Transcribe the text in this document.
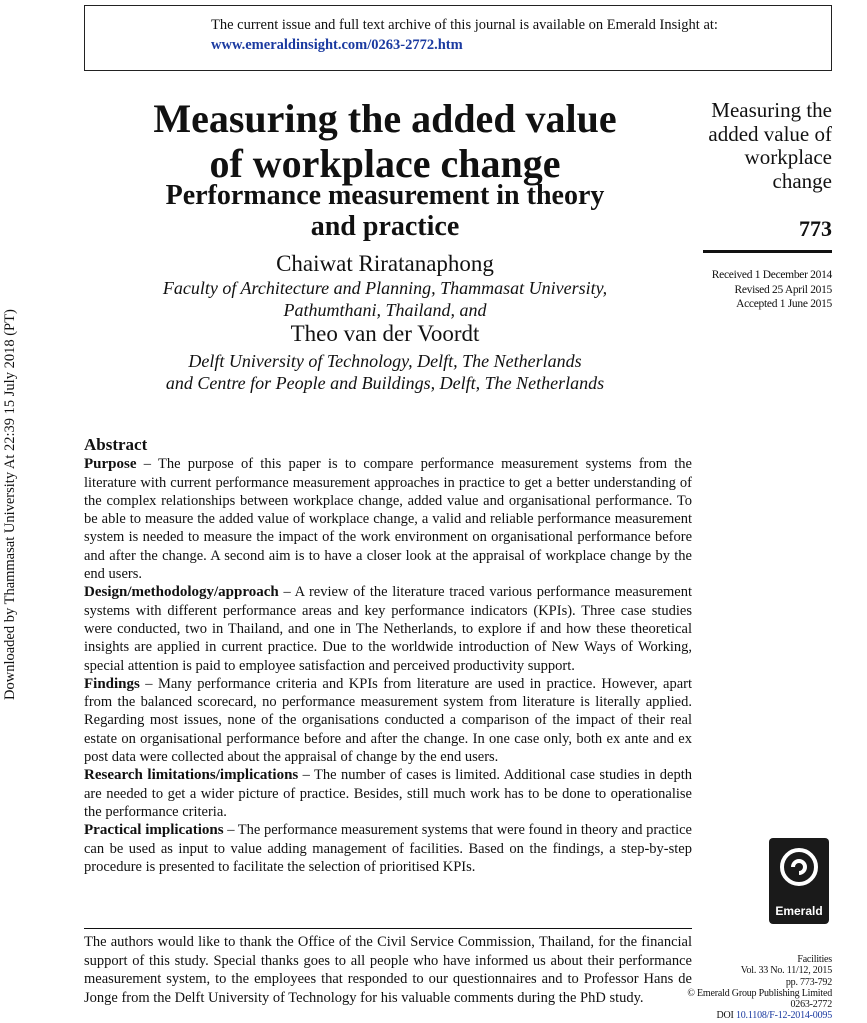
The current issue and full text archive of this journal is available on Emerald Insight at:
www.emeraldinsight.com/0263-2772.htm
Downloaded by Thammasat University At 22:39 15 July 2018 (PT)
Measuring the added value
of workplace change
Performance measurement in theory
and practice
Chaiwat Riratanaphong
Faculty of Architecture and Planning, Thammasat University,
Pathumthani, Thailand, and
Theo van der Voordt
Delft University of Technology, Delft, The Netherlands
and Centre for People and Buildings, Delft, The Netherlands
Measuring the
added value of
workplace
change
773
Received 1 December 2014
Revised 25 April 2015
Accepted 1 June 2015
Abstract

Purpose – The purpose of this paper is to compare performance measurement systems from the literature with current performance measurement approaches in practice to get a better understanding of the complex relationships between workplace change, added value and organisational performance. To be able to measure the added value of workplace change, a valid and reliable performance measurement system is needed to measure the impact of the work environment on organisational performance before and after the change. A second aim is to have a closer look at the appraisal of workplace change by the end users.

Design/methodology/approach – A review of the literature traced various performance measurement systems with different performance areas and key performance indicators (KPIs). Three case studies were conducted, two in Thailand, and one in The Netherlands, to explore if and how these theoretical insights are applied in current practice. Due to the worldwide introduction of New Ways of Working, special attention is paid to employee satisfaction and perceived productivity support.

Findings – Many performance criteria and KPIs from literature are used in practice. However, apart from the balanced scorecard, no performance measurement system from literature is literally applied. Regarding most issues, none of the organisations conducted a comparison of the impact of their real estate on organisational performance before and after the change. In one case only, both ex ante and ex post data were collected about the appraisal of change by the end users.

Research limitations/implications – The number of cases is limited. Additional case studies in depth are needed to get a wider picture of practice. Besides, still much work has to be done to operationalise the performance criteria.

Practical implications – The performance measurement systems that were found in theory and practice can be used as input to value adding management of facilities. Based on the findings, a step-by-step procedure is presented to facilitate the selection of prioritised KPIs.

Emerald
The authors would like to thank the Office of the Civil Service Commission, Thailand, for the financial support of this study. Special thanks goes to all people who have informed us about their performance measurement system, to the employees that responded to our questionnaires and to Professor Hans de Jonge from the Delft University of Technology for his valuable comments during the PhD study.
Facilities
Vol. 33 No. 11/12, 2015
pp. 773-792
© Emerald Group Publishing Limited
0263-2772
DOI 10.1108/F-12-2014-0095
